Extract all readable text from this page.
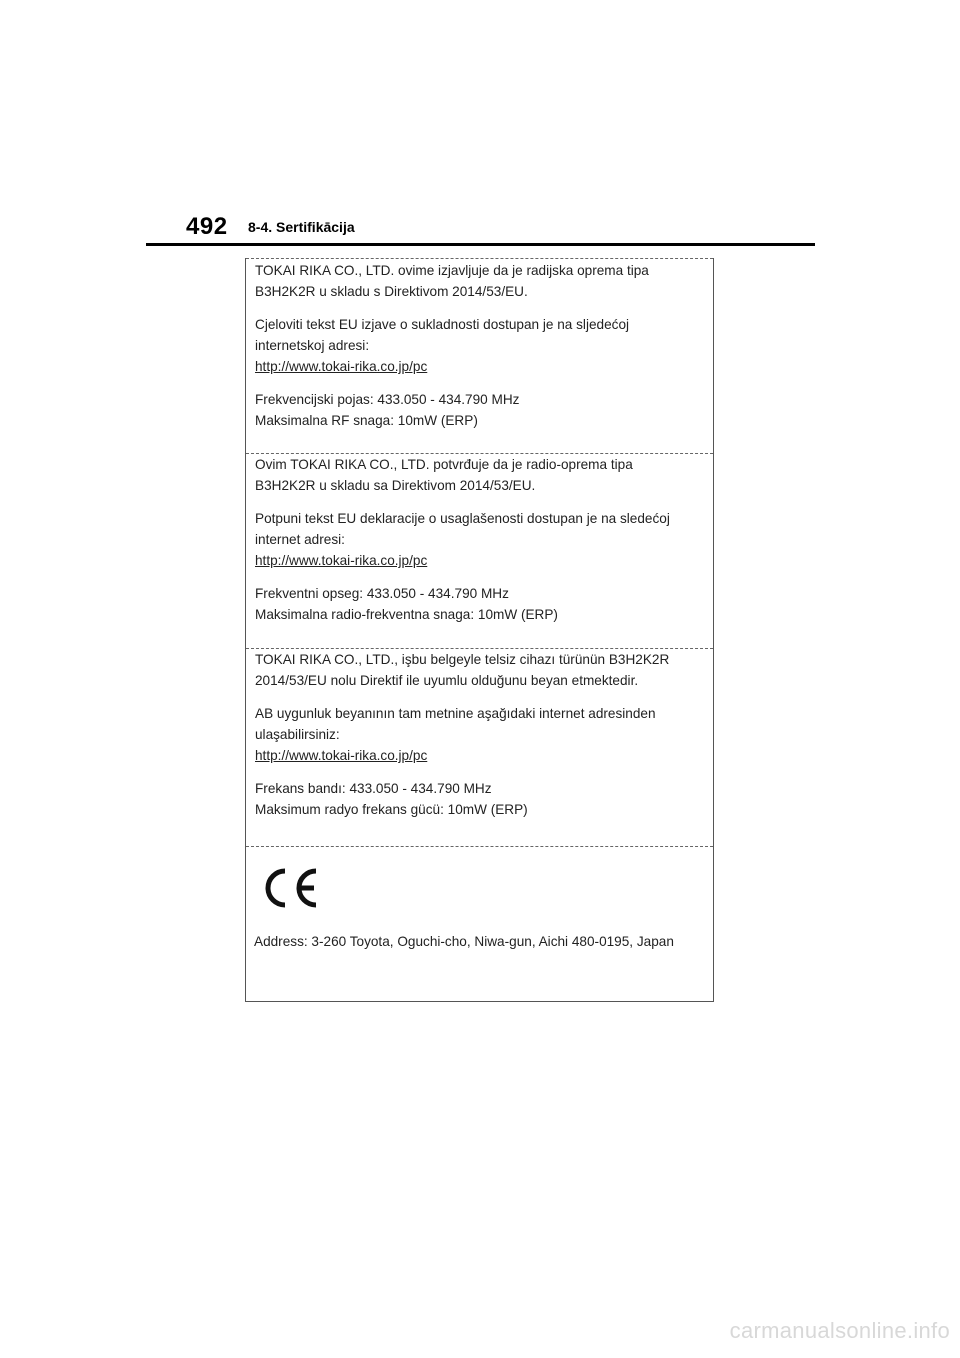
492 8-4. Sertifikācija

TOKAI RIKA CO., LTD. ovime izjavljuje da je radijska oprema tipa

B3H2K2R u skladu s Direktivom 2014/53/EU.

Cjeloviti tekst EU izjave o sukladnosti dostupan je na sljedećoj

internetskoj adresi:

http://www.tokai-rika.co.jp/pc

Frekvencijski pojas: 433.050 - 434.790 MHz

Maksimalna RF snaga: 10mW (ERP)

Ovim TOKAI RIKA CO., LTD. potvrđuje da je radio-oprema tipa

B3H2K2R u skladu sa Direktivom 2014/53/EU.

Potpuni tekst EU deklaracije o usaglašenosti dostupan je na sledećoj

internet adresi:

http://www.tokai-rika.co.jp/pc

Frekventni opseg: 433.050 - 434.790 MHz

Maksimalna radio-frekventna snaga: 10mW (ERP)

TOKAI RIKA CO., LTD., işbu belgeyle telsiz cihazı türünün B3H2K2R

2014/53/EU nolu Direktif ile uyumlu olduğunu beyan etmektedir.

AB uygunluk beyanının tam metnine aşağıdaki internet adresinden

ulaşabilirsiniz:

http://www.tokai-rika.co.jp/pc

Frekans bandı: 433.050 - 434.790 MHz

Maksimum radyo frekans gücü: 10mW (ERP)

Address: 3-260 Toyota, Oguchi-cho, Niwa-gun, Aichi 480-0195, Japan
carmanualsonline.info
